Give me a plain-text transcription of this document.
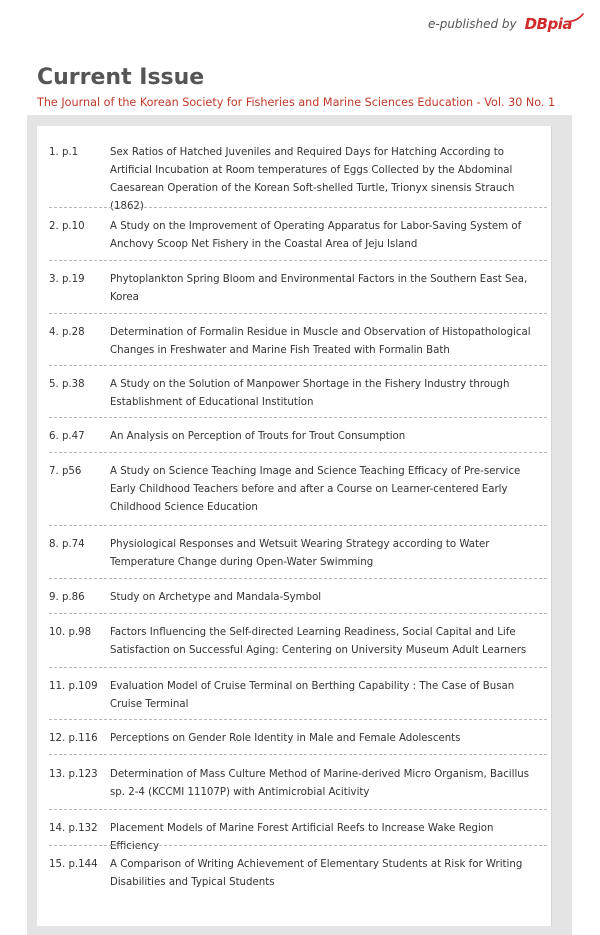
e-published by DBpia
Current Issue
The Journal of the Korean Society for Fisheries and Marine Sciences Education - Vol. 30 No. 1
1. p.1	Sex Ratios of Hatched Juveniles and Required Days for Hatching According to Artificial Incubation at Room temperatures of Eggs Collected by the Abdominal Caesarean Operation of the Korean Soft-shelled Turtle, Trionyx sinensis Strauch (1862)
2. p.10	A Study on the Improvement of Operating Apparatus for Labor-Saving System of Anchovy Scoop Net Fishery in the Coastal Area of Jeju Island
3. p.19	Phytoplankton Spring Bloom and Environmental Factors in the Southern East Sea, Korea
4. p.28	Determination of Formalin Residue in Muscle and Observation of Histopathological Changes in Freshwater and Marine Fish Treated with Formalin Bath
5. p.38	A Study on the Solution of Manpower Shortage in the Fishery Industry through Establishment of Educational Institution
6. p.47	An Analysis on Perception of Trouts for Trout Consumption
7. p56	A Study on Science Teaching Image and Science Teaching Efficacy of Pre-service Early Childhood Teachers before and after a Course on Learner-centered Early Childhood Science Education
8. p.74	Physiological Responses and Wetsuit Wearing Strategy according to Water Temperature Change during Open-Water Swimming
9. p.86	Study on Archetype and Mandala-Symbol
10. p.98	Factors Influencing the Self-directed Learning Readiness, Social Capital and Life Satisfaction on Successful Aging: Centering on University Museum Adult Learners
11. p.109	Evaluation Model of Cruise Terminal on Berthing Capability : The Case of Busan Cruise Terminal
12. p.116	Perceptions on Gender Role Identity in Male and Female Adolescents
13. p.123	Determination of Mass Culture Method of Marine-derived Micro Organism, Bacillus sp. 2-4 (KCCMI 11107P) with Antimicrobial Acitivity
14. p.132	Placement Models of Marine Forest Artificial Reefs to Increase Wake Region Efficiency
15. p.144	A Comparison of Writing Achievement of Elementary Students at Risk for Writing Disabilities and Typical Students
